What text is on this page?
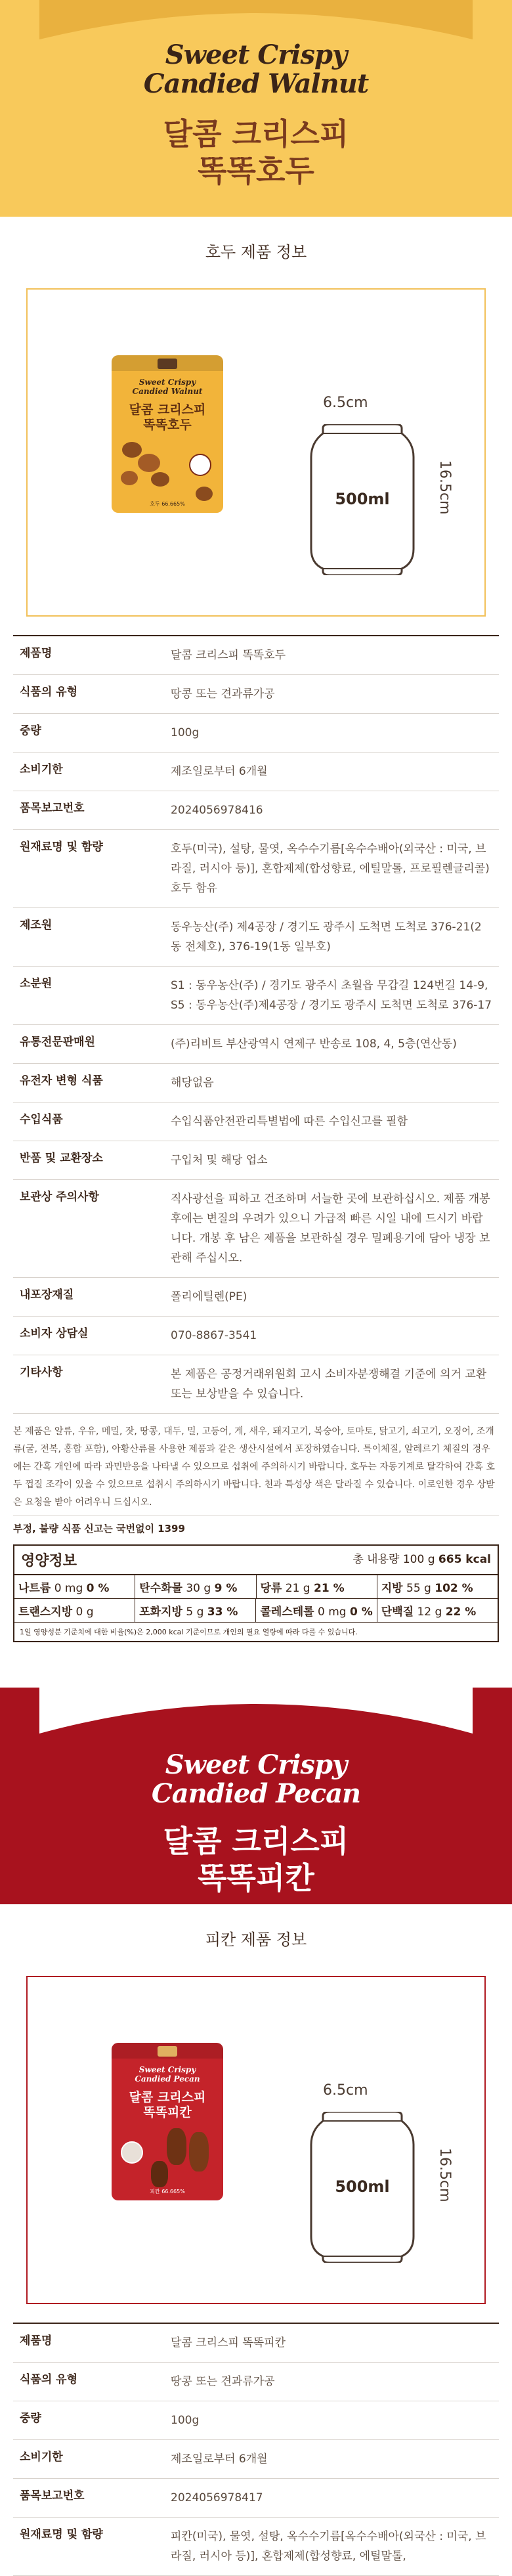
Sweet Crispy
Candied Walnut
달콤 크리스피
똑똑호두
호두 제품 정보
Sweet Crispy
Candied Walnut
달콤 크리스피
똑똑호두
호두 66.665%
6.5cm
16.5cm
500ml
제품명	달콤 크리스피 똑똑호두
식품의 유형	땅콩 또는 견과류가공
중량	100g
소비기한	제조일로부터 6개월
품목보고번호	2024056978416
원재료명 및 함량	호두(미국), 설탕, 물엿, 옥수수기름[옥수수배아(외국산 : 미국, 브라질, 러시아 등)], 혼합제제(합성향료, 에틸말톨, 프로필렌글리콜) 호두 함유
제조원	동우농산(주) 제4공장 / 경기도 광주시 도척면 도척로 376-21(2동 전체호), 376-19(1동 일부호)
소분원	S1 : 동우농산(주) / 경기도 광주시 초월읍 무갑길 124번길 14-9, S5 : 동우농산(주)제4공장 / 경기도 광주시 도척면 도척로 376-17
유통전문판매원	(주)리비트 부산광역시 연제구 반송로 108, 4, 5층(연산동)
유전자 변형 식품	해당없음
수입식품	수입식품안전관리특별법에 따른 수입신고를 필함
반품 및 교환장소	구입처 및 해당 업소
보관상 주의사항	직사광선을 피하고 건조하며 서늘한 곳에 보관하십시오. 제품 개봉 후에는 변질의 우려가 있으니 가급적 빠른 시일 내에 드시기 바랍니다. 개봉 후 남은 제품을 보관하실 경우 밀폐용기에 담아 냉장 보관해 주십시오.
내포장재질	폴리에틸렌(PE)
소비자 상담실	070-8867-3541
기타사항	본 제품은 공정거래위원회 고시 소비자분쟁해결 기준에 의거 교환 또는 보상받을 수 있습니다.
본 제품은 알류, 우유, 메밀, 잣, 땅콩, 대두, 밀, 고등어, 게, 새우, 돼지고기, 복숭아, 토마토, 닭고기, 쇠고기, 오징어, 조개류(굴, 전복, 홍합 포함), 아황산류를 사용한 제품과 같은 생산시설에서 포장하였습니다. 특이체질, 알레르기 체질의 경우에는 간혹 개인에 따라 과민반응을 나타낼 수 있으므로 섭취에 주의하시기 바랍니다. 호두는 자동기계로 탈각하여 간혹 호두 껍질 조각이 있을 수 있으므로 섭취시 주의하시기 바랍니다. 천과 특성상 색은 달라질 수 있습니다. 이로인한 경우 상받은 요청을 받아 어려우니 드십시오.
부정, 불량 식품 신고는 국번없이 1399
영양정보	총 내용량 100 g 665 kcal
나트륨 0 mg 0 %	탄수화물 30 g 9 %	당류 21 g 21 %	지방 55 g 102 %
트랜스지방 0 g	포화지방 5 g 33 %	콜레스테롤 0 mg 0 % 단백질 12 g 22 %
1일 영양성분 기준치에 대한 비율(%)은 2,000 kcal 기준이므로 개인의 필요 열량에 따라 다를 수 있습니다.
Sweet Crispy
Candied Pecan
달콤 크리스피
똑똑피칸
피칸 제품 정보
Sweet Crispy
Candied Pecan
달콤 크리스피
똑똑피칸
피칸 66.665%
6.5cm
16.5cm
500ml
제품명	달콤 크리스피 똑똑피칸
식품의 유형	땅콩 또는 견과류가공
중량	100g
소비기한	제조일로부터 6개월
품목보고번호	2024056978417
원재료명 및 함량	피칸(미국), 물엿, 설탕, 옥수수기름[옥수수배아(외국산 : 미국, 브라질, 러시아 등)], 혼합제제(합성향료, 에틸말톨,
